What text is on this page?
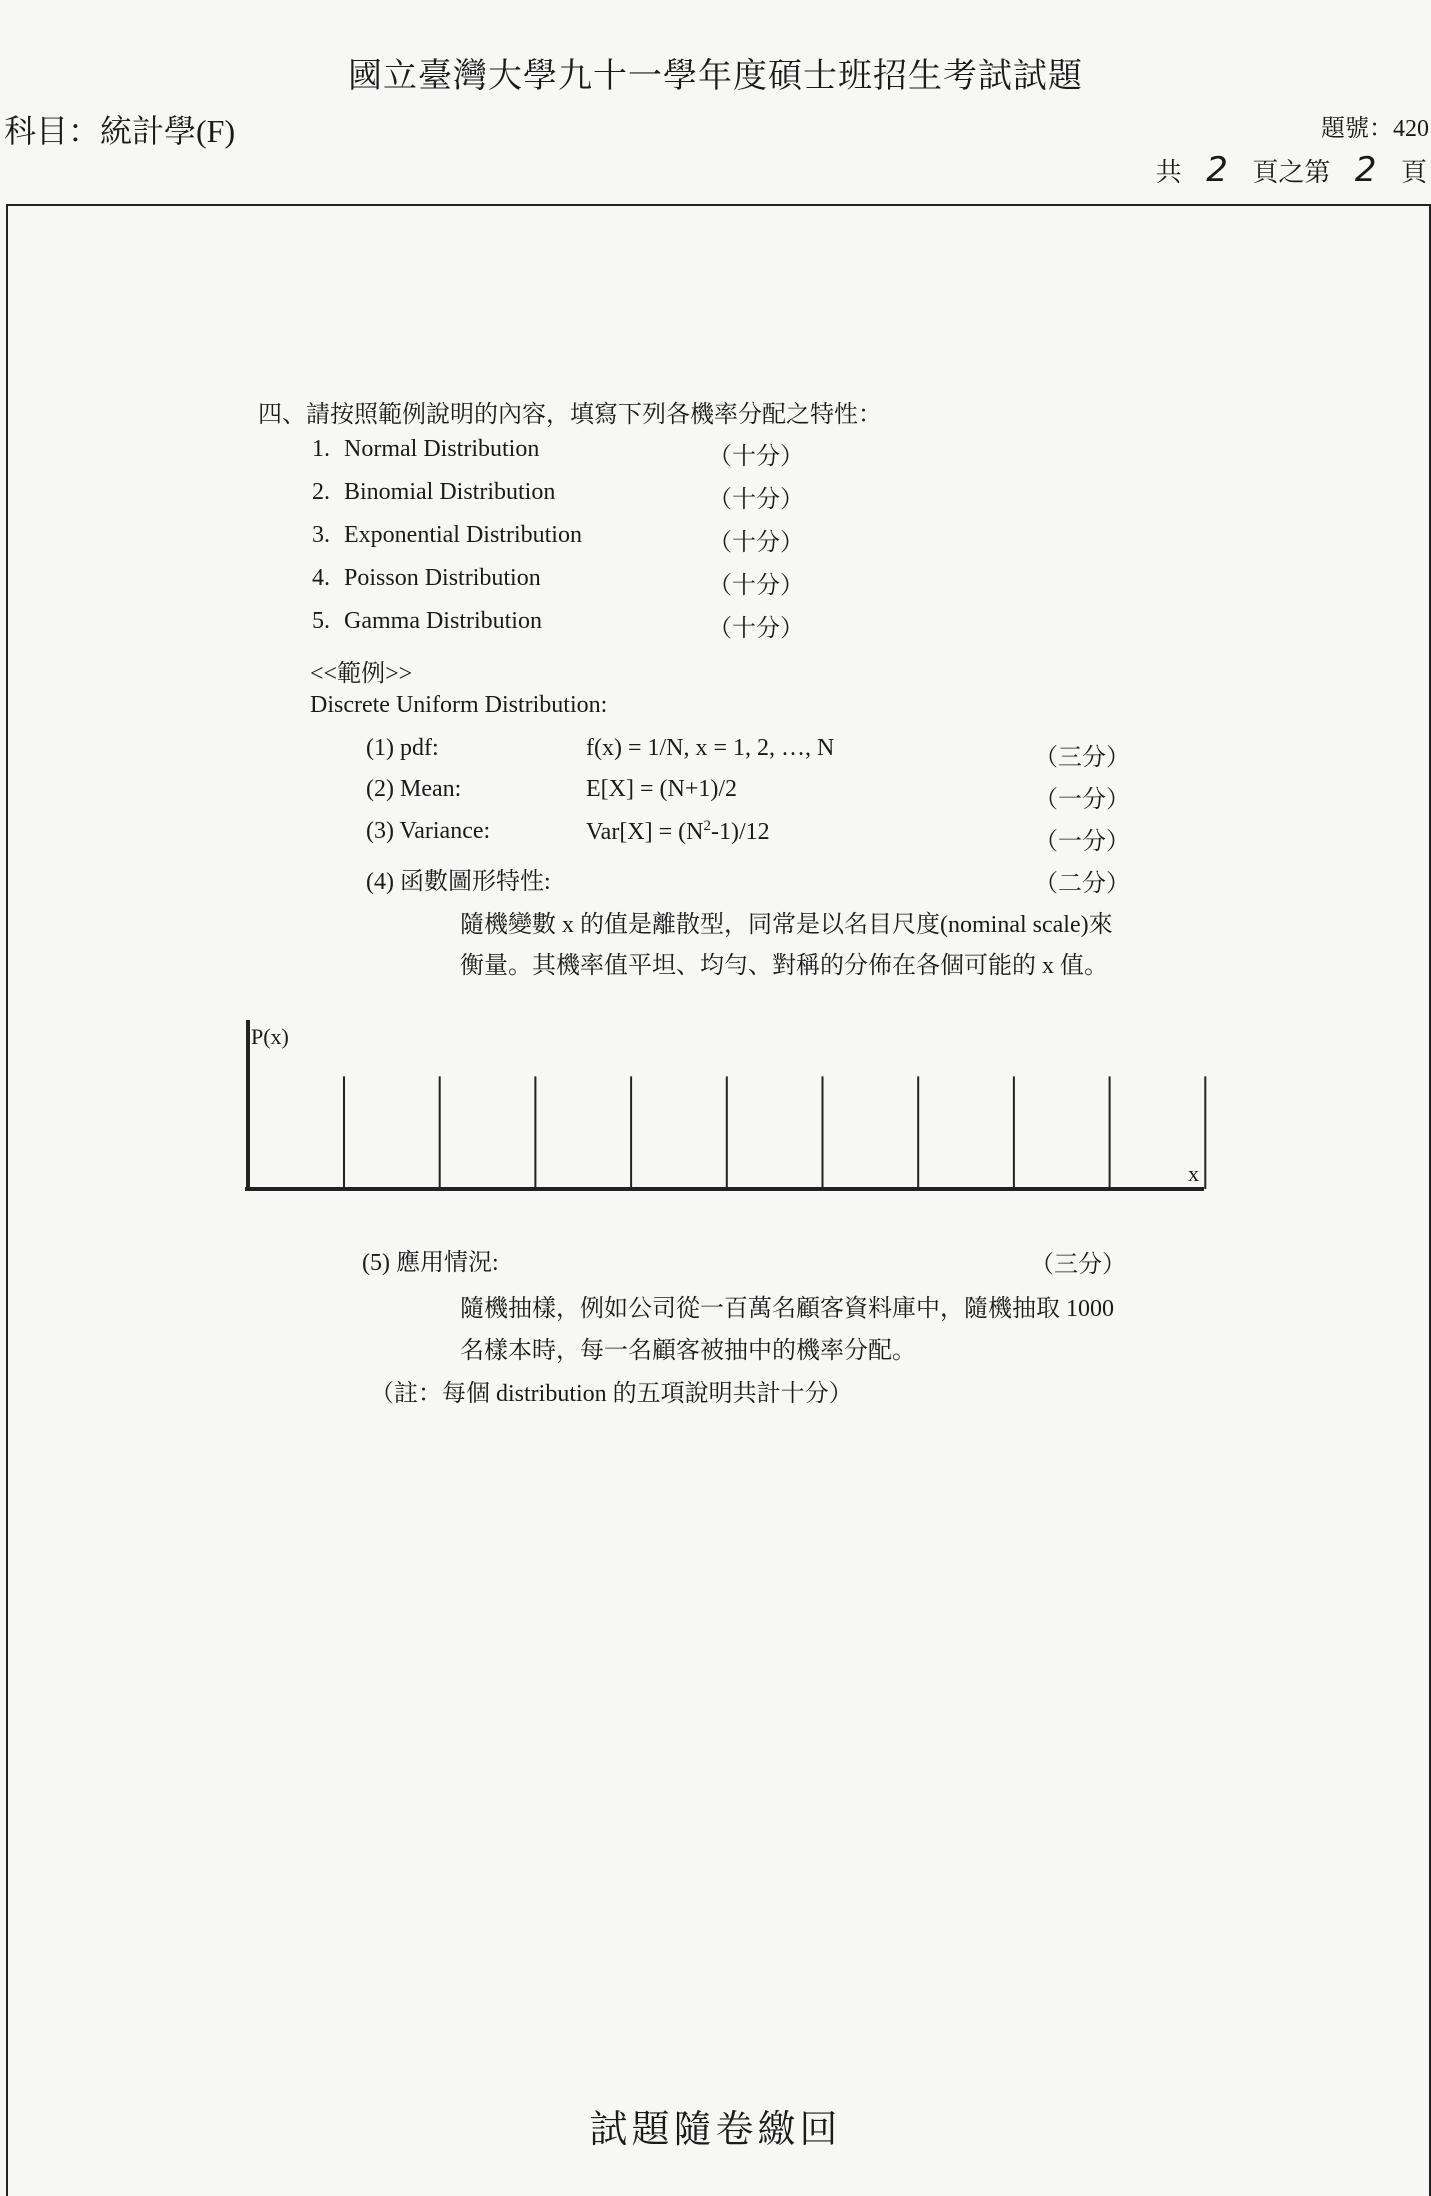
國立臺灣大學九十一學年度碩士班招生考試試題
科目：統計學(F)	題號：420
共 2 頁之第 2 頁
四、請按照範例說明的內容，填寫下列各機率分配之特性：
1. Normal Distribution	（十分）
2. Binomial Distribution	（十分）
3. Exponential Distribution	（十分）
4. Poisson Distribution	（十分）
5. Gamma Distribution	（十分）
<<範例>>
Discrete Uniform Distribution:
(1) pdf:	f(x) = 1/N, x = 1, 2, …, N	（三分）
(2) Mean:	E[X] = (N+1)/2	（一分）
(3) Variance:	$Var[X] = (N^2-1)/12$	（一分）
(4) 函數圖形特性:	（二分）
隨機變數 x 的值是離散型，同常是以名目尺度(nominal scale)來
衡量。其機率值平坦、均勻、對稱的分佈在各個可能的 x 值。
P(x)
x
(5) 應用情況:	（三分）
隨機抽樣，例如公司從一百萬名顧客資料庫中，隨機抽取 1000
名樣本時，每一名顧客被抽中的機率分配。
（註：每個 distribution 的五項說明共計十分）
試題隨卷繳回
